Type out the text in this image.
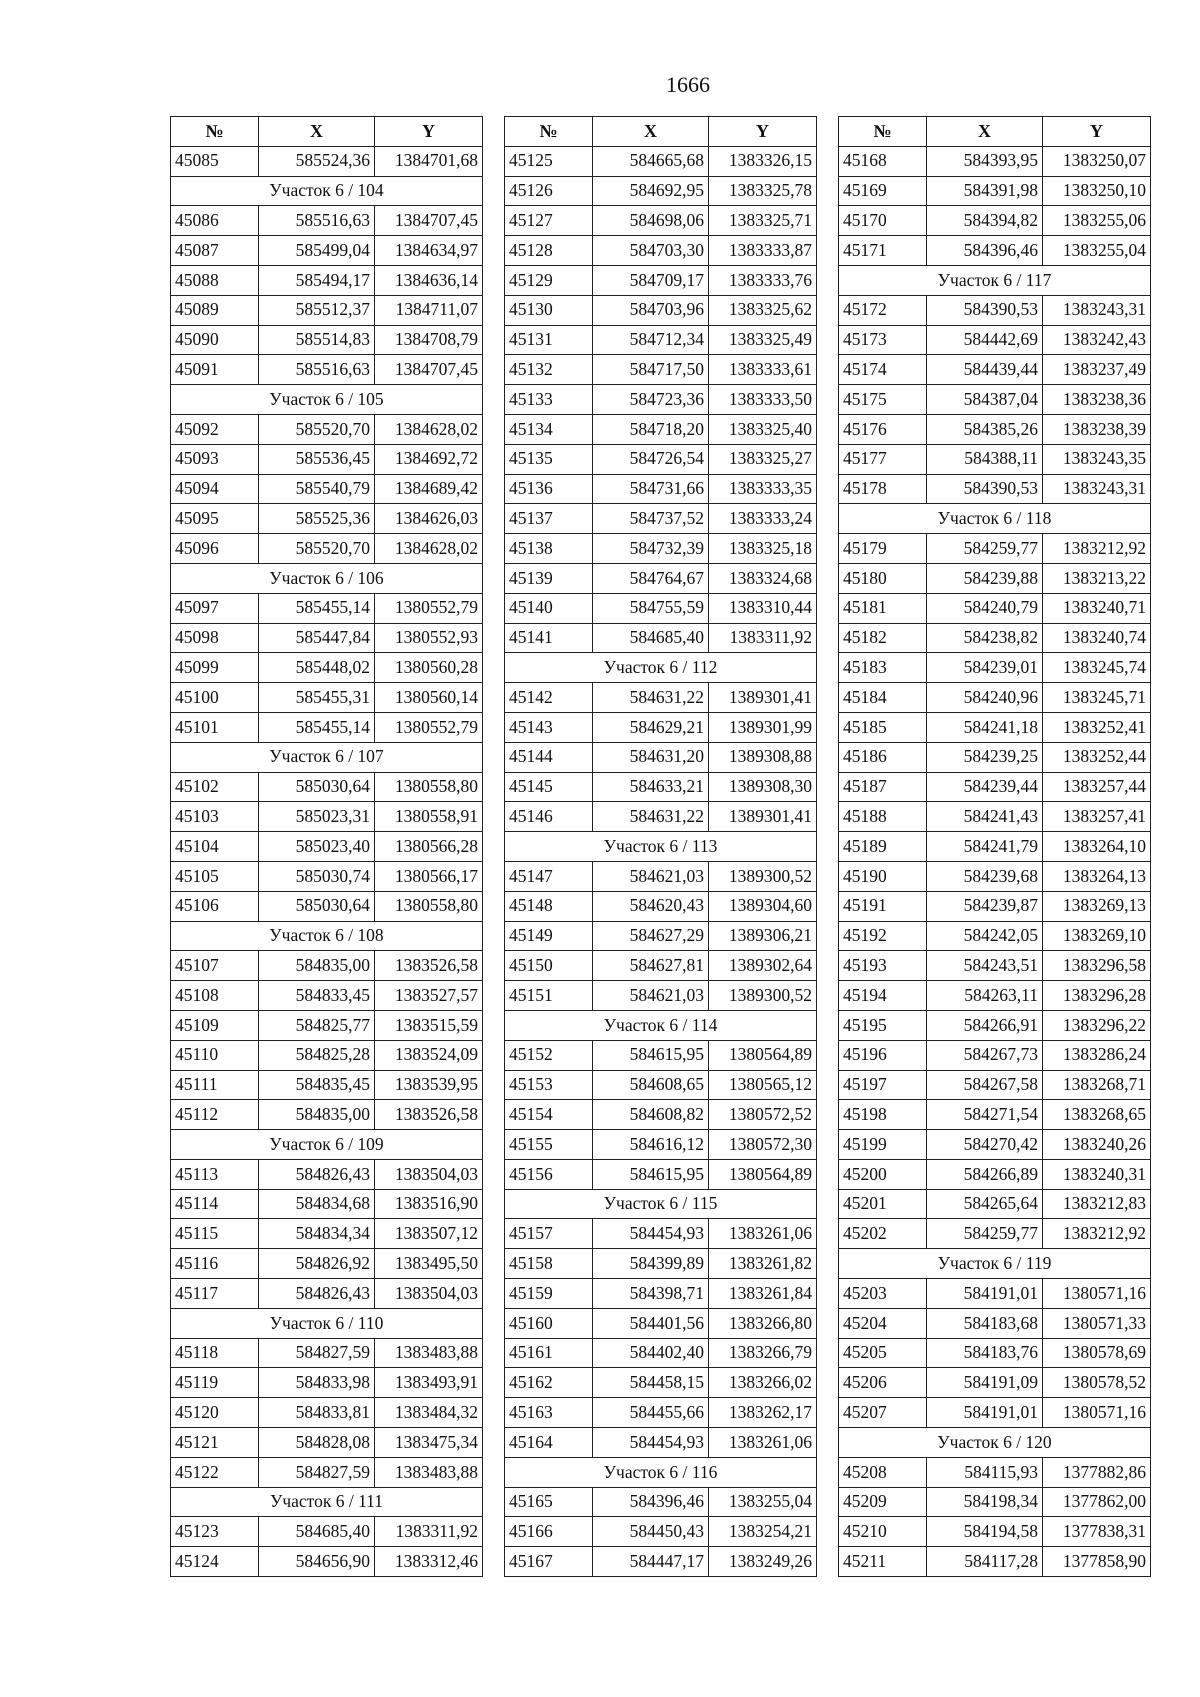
1666
№	X	Y
45085	585524,36	1384701,68
Участок 6 / 104		
45086	585516,63	1384707,45
45087	585499,04	1384634,97
45088	585494,17	1384636,14
45089	585512,37	1384711,07
45090	585514,83	1384708,79
45091	585516,63	1384707,45
Участок 6 / 105		
45092	585520,70	1384628,02
45093	585536,45	1384692,72
45094	585540,79	1384689,42
45095	585525,36	1384626,03
45096	585520,70	1384628,02
Участок 6 / 106		
45097	585455,14	1380552,79
45098	585447,84	1380552,93
45099	585448,02	1380560,28
45100	585455,31	1380560,14
45101	585455,14	1380552,79
Участок 6 / 107		
45102	585030,64	1380558,80
45103	585023,31	1380558,91
45104	585023,40	1380566,28
45105	585030,74	1380566,17
45106	585030,64	1380558,80
Участок 6 / 108		
45107	584835,00	1383526,58
45108	584833,45	1383527,57
45109	584825,77	1383515,59
45110	584825,28	1383524,09
45111	584835,45	1383539,95
45112	584835,00	1383526,58
Участок 6 / 109		
45113	584826,43	1383504,03
45114	584834,68	1383516,90
45115	584834,34	1383507,12
45116	584826,92	1383495,50
45117	584826,43	1383504,03
Участок 6 / 110		
45118	584827,59	1383483,88
45119	584833,98	1383493,91
45120	584833,81	1383484,32
45121	584828,08	1383475,34
45122	584827,59	1383483,88
Участок 6 / 111		
45123	584685,40	1383311,92
45124	584656,90	1383312,46
№	X	Y
45125	584665,68	1383326,15
45126	584692,95	1383325,78
45127	584698,06	1383325,71
45128	584703,30	1383333,87
45129	584709,17	1383333,76
45130	584703,96	1383325,62
45131	584712,34	1383325,49
45132	584717,50	1383333,61
45133	584723,36	1383333,50
45134	584718,20	1383325,40
45135	584726,54	1383325,27
45136	584731,66	1383333,35
45137	584737,52	1383333,24
45138	584732,39	1383325,18
45139	584764,67	1383324,68
45140	584755,59	1383310,44
45141	584685,40	1383311,92
Участок 6 / 112		
45142	584631,22	1389301,41
45143	584629,21	1389301,99
45144	584631,20	1389308,88
45145	584633,21	1389308,30
45146	584631,22	1389301,41
Участок 6 / 113		
45147	584621,03	1389300,52
45148	584620,43	1389304,60
45149	584627,29	1389306,21
45150	584627,81	1389302,64
45151	584621,03	1389300,52
Участок 6 / 114		
45152	584615,95	1380564,89
45153	584608,65	1380565,12
45154	584608,82	1380572,52
45155	584616,12	1380572,30
45156	584615,95	1380564,89
Участок 6 / 115		
45157	584454,93	1383261,06
45158	584399,89	1383261,82
45159	584398,71	1383261,84
45160	584401,56	1383266,80
45161	584402,40	1383266,79
45162	584458,15	1383266,02
45163	584455,66	1383262,17
45164	584454,93	1383261,06
Участок 6 / 116		
45165	584396,46	1383255,04
45166	584450,43	1383254,21
45167	584447,17	1383249,26
№	X	Y
45168	584393,95	1383250,07
45169	584391,98	1383250,10
45170	584394,82	1383255,06
45171	584396,46	1383255,04
Участок 6 / 117		
45172	584390,53	1383243,31
45173	584442,69	1383242,43
45174	584439,44	1383237,49
45175	584387,04	1383238,36
45176	584385,26	1383238,39
45177	584388,11	1383243,35
45178	584390,53	1383243,31
Участок 6 / 118		
45179	584259,77	1383212,92
45180	584239,88	1383213,22
45181	584240,79	1383240,71
45182	584238,82	1383240,74
45183	584239,01	1383245,74
45184	584240,96	1383245,71
45185	584241,18	1383252,41
45186	584239,25	1383252,44
45187	584239,44	1383257,44
45188	584241,43	1383257,41
45189	584241,79	1383264,10
45190	584239,68	1383264,13
45191	584239,87	1383269,13
45192	584242,05	1383269,10
45193	584243,51	1383296,58
45194	584263,11	1383296,28
45195	584266,91	1383296,22
45196	584267,73	1383286,24
45197	584267,58	1383268,71
45198	584271,54	1383268,65
45199	584270,42	1383240,26
45200	584266,89	1383240,31
45201	584265,64	1383212,83
45202	584259,77	1383212,92
Участок 6 / 119		
45203	584191,01	1380571,16
45204	584183,68	1380571,33
45205	584183,76	1380578,69
45206	584191,09	1380578,52
45207	584191,01	1380571,16
Участок 6 / 120		
45208	584115,93	1377882,86
45209	584198,34	1377862,00
45210	584194,58	1377838,31
45211	584117,28	1377858,90
